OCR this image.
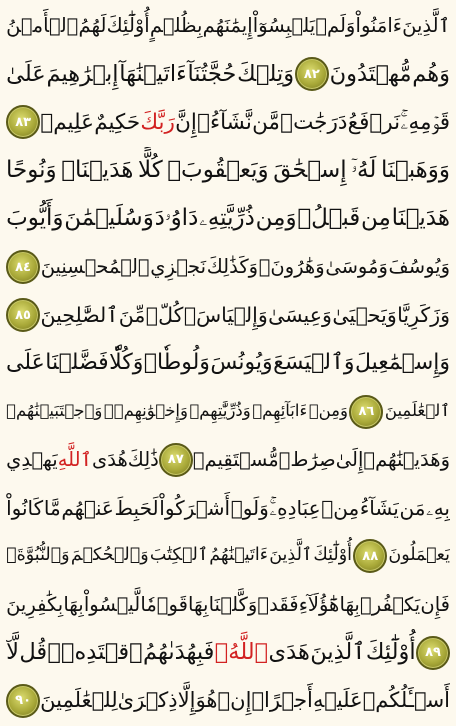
ٱلَّذِينَ
ءَامَنُواْ
وَلَمۡ
يَلۡبِسُوٓاْ
إِيمَٰنَهُم
بِظُلۡمٍ
أُوْلَٰٓئِكَ
لَهُمُ
ٱلۡأَمۡنُ
وَهُم
مُّهۡتَدُونَ
٨٢
وَتِلۡكَ
حُجَّتُنَآ
ءَاتَيۡنَٰهَآ
إِبۡرَٰهِيمَ
عَلَىٰ
قَوۡمِهِۦۚ
نَرۡفَعُ
دَرَجَٰتٖ
مَّن
نَّشَآءُۗ
إِنَّ
رَبَّكَ
حَكِيمٌ
عَلِيمٞ
٨٣
وَوَهَبۡنَا
لَهُۥٓ
إِسۡحَٰقَ
وَيَعۡقُوبَۚ
كُلًّا
هَدَيۡنَاۚ
وَنُوحًا
هَدَيۡنَا
مِن
قَبۡلُۖ
وَمِن
ذُرِّيَّتِهِۦ
دَاوُۥدَ
وَسُلَيۡمَٰنَ
وَأَيُّوبَ
وَيُوسُفَ
وَمُوسَىٰ
وَهَٰرُونَۚ
وَكَذَٰلِكَ
نَجۡزِي
ٱلۡمُحۡسِنِينَ
٨٤
وَزَكَرِيَّا
وَيَحۡيَىٰ
وَعِيسَىٰ
وَإِلۡيَاسَۖ
كُلّٞ
مِّنَ
ٱلصَّٰلِحِينَ
٨٥
وَإِسۡمَٰعِيلَ
وَٱلۡيَسَعَ
وَيُونُسَ
وَلُوطٗاۚ
وَكُلّٗا
فَضَّلۡنَا
عَلَى
ٱلۡعَٰلَمِينَ
٨٦
وَمِنۡ
ءَابَآئِهِمۡ
وَذُرِّيَّٰتِهِمۡ
وَإِخۡوَٰنِهِمۡۖ
وَٱجۡتَبَيۡنَٰهُمۡ
وَهَدَيۡنَٰهُمۡ
إِلَىٰ
صِرَٰطٖ
مُّسۡتَقِيمٖ
٨٧
ذَٰلِكَ
هُدَى
ٱللَّهِ
يَهۡدِي
بِهِۦ
مَن
يَشَآءُ
مِنۡ
عِبَادِهِۦۚ
وَلَوۡ
أَشۡرَكُواْ
لَحَبِطَ
عَنۡهُم
مَّا
كَانُواْ
يَعۡمَلُونَ
٨٨
أُوْلَٰٓئِكَ
ٱلَّذِينَ
ءَاتَيۡنَٰهُمُ
ٱلۡكِتَٰبَ
وَٱلۡحُكۡمَ
وَٱلنُّبُوَّةَۚ
فَإِن
يَكۡفُرۡ
بِهَا
هَٰٓؤُلَآءِ
فَقَدۡ
وَكَّلۡنَا
بِهَا
قَوۡمٗا
لَّيۡسُواْ
بِهَا
بِكَٰفِرِينَ
٨٩
أُوْلَٰٓئِكَ
ٱلَّذِينَ
هَدَى
ٱللَّهُۖ
فَبِهُدَىٰهُمُ
ٱقۡتَدِهۡۗ
قُل
لَّآ
أَسۡـَٔلُكُمۡ
عَلَيۡهِ
أَجۡرًاۖ
إِنۡ
هُوَ
إِلَّا
ذِكۡرَىٰ
لِلۡعَٰلَمِينَ
٩٠
